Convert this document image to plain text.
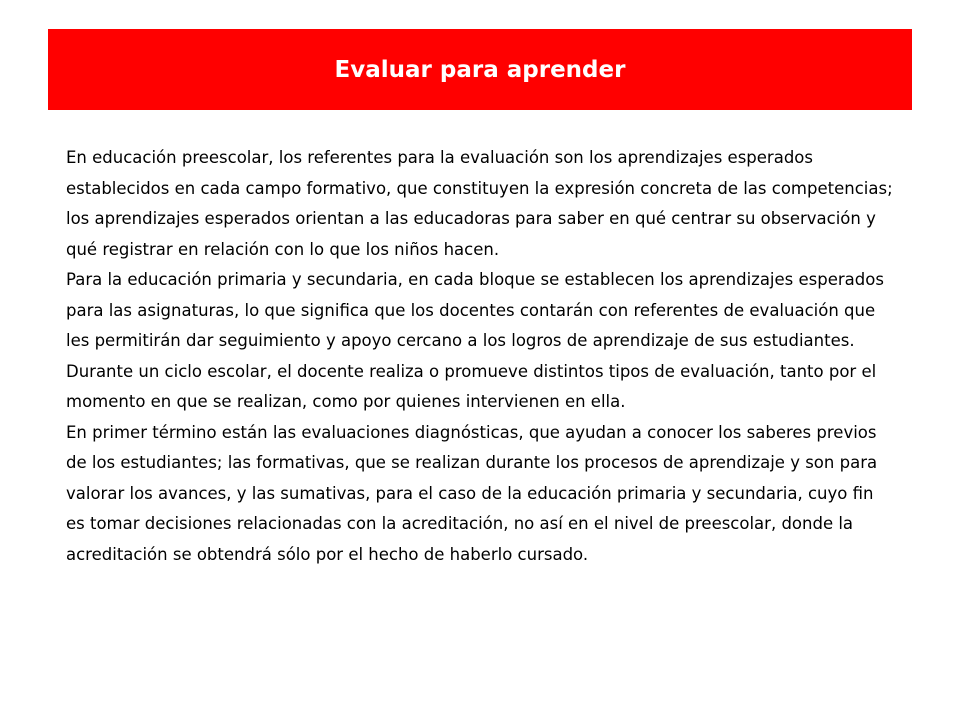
Evaluar para aprender

En educación preescolar, los referentes para la evaluación son los aprendizajes esperados establecidos en cada campo formativo, que constituyen la expresión concreta de las competencias; los aprendizajes esperados orientan a las educadoras para saber en qué centrar su observación y qué registrar en relación con lo que los niños hacen.

Para la educación primaria y secundaria, en cada bloque se establecen los aprendizajes esperados para las asignaturas, lo que significa que los docentes contarán con referentes de evaluación que les permitirán dar seguimiento y apoyo cercano a los logros de aprendizaje de sus estudiantes.

Durante un ciclo escolar, el docente realiza o promueve distintos tipos de evaluación, tanto por el momento en que se realizan, como por quienes intervienen en ella.

En primer término están las evaluaciones diagnósticas, que ayudan a conocer los saberes previos de los estudiantes; las formativas, que se realizan durante los procesos de aprendizaje y son para valorar los avances, y las sumativas, para el caso de la educación primaria y secundaria, cuyo fin es tomar decisiones relacionadas con la acreditación, no así en el nivel de preescolar, donde la acreditación se obtendrá sólo por el hecho de haberlo cursado.
